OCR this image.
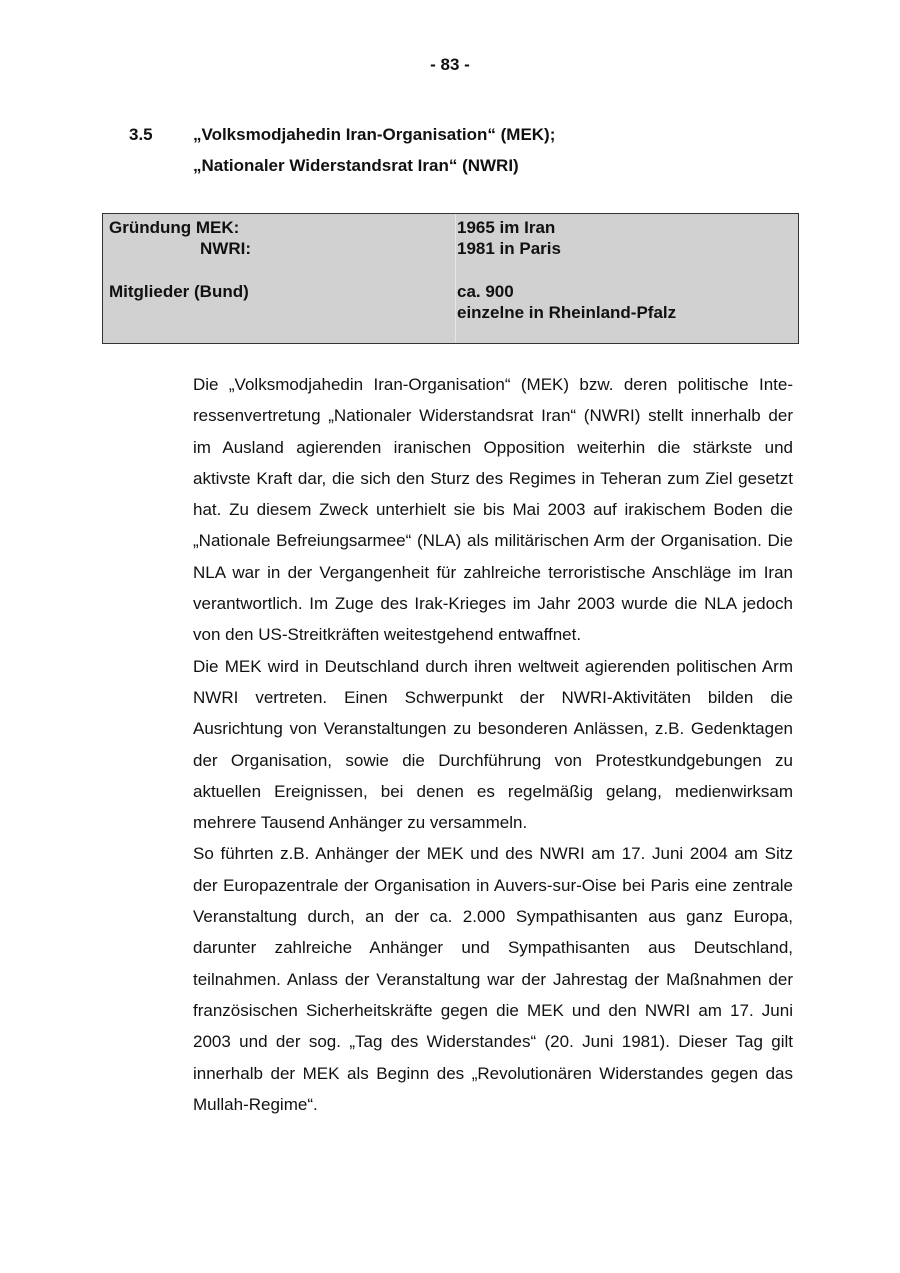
- 83 -
3.5 „Volksmodjahedin Iran-Organisation“ (MEK);
„Nationaler Widerstandsrat Iran“ (NWRI)
Gründung MEK:
NWRI:
1965 im Iran
1981 in Paris
Mitglieder (Bund)	ca. 900
einzelne in Rheinland-Pfalz

Die „Volksmodjahedin Iran-Organisation“ (MEK) bzw. deren politische Interessenvertretung „Nationaler Widerstandsrat Iran“ (NWRI) stellt innerhalb der im Ausland agierenden iranischen Opposition weiterhin die stärkste und aktivste Kraft dar, die sich den Sturz des Regimes in Teheran zum Ziel gesetzt hat. Zu diesem Zweck unterhielt sie bis Mai 2003 auf irakischem Boden die „Nationale Befreiungsarmee“ (NLA) als militärischen Arm der Organisation. Die NLA war in der Vergangenheit für zahlreiche terroristische Anschläge im Iran verantwortlich. Im Zuge des Irak-Krieges im Jahr 2003 wurde die NLA jedoch von den US-Streitkräften weitestgehend entwaffnet.

Die MEK wird in Deutschland durch ihren weltweit agierenden politischen Arm NWRI vertreten. Einen Schwerpunkt der NWRI-Aktivitäten bilden die Ausrichtung von Veranstaltungen zu besonderen Anlässen, z.B. Gedenktagen der Organisation, sowie die Durchführung von Protestkundgebungen zu aktuellen Ereignissen, bei denen es regelmäßig gelang, medienwirksam mehrere Tausend Anhänger zu versammeln.

So führten z.B. Anhänger der MEK und des NWRI am 17. Juni 2004 am Sitz der Europazentrale der Organisation in Auvers-sur-Oise bei Paris eine zentrale Veranstaltung durch, an der ca. 2.000 Sympathisanten aus ganz Europa, darunter zahlreiche Anhänger und Sympathisanten aus Deutschland, teilnahmen. Anlass der Veranstaltung war der Jahrestag der Maßnahmen der französischen Sicherheitskräfte gegen die MEK und den NWRI am 17. Juni 2003 und der sog. „Tag des Widerstandes“ (20. Juni 1981). Dieser Tag gilt innerhalb der MEK als Beginn des „Revolutionären Widerstandes gegen das Mullah-Regime“.
